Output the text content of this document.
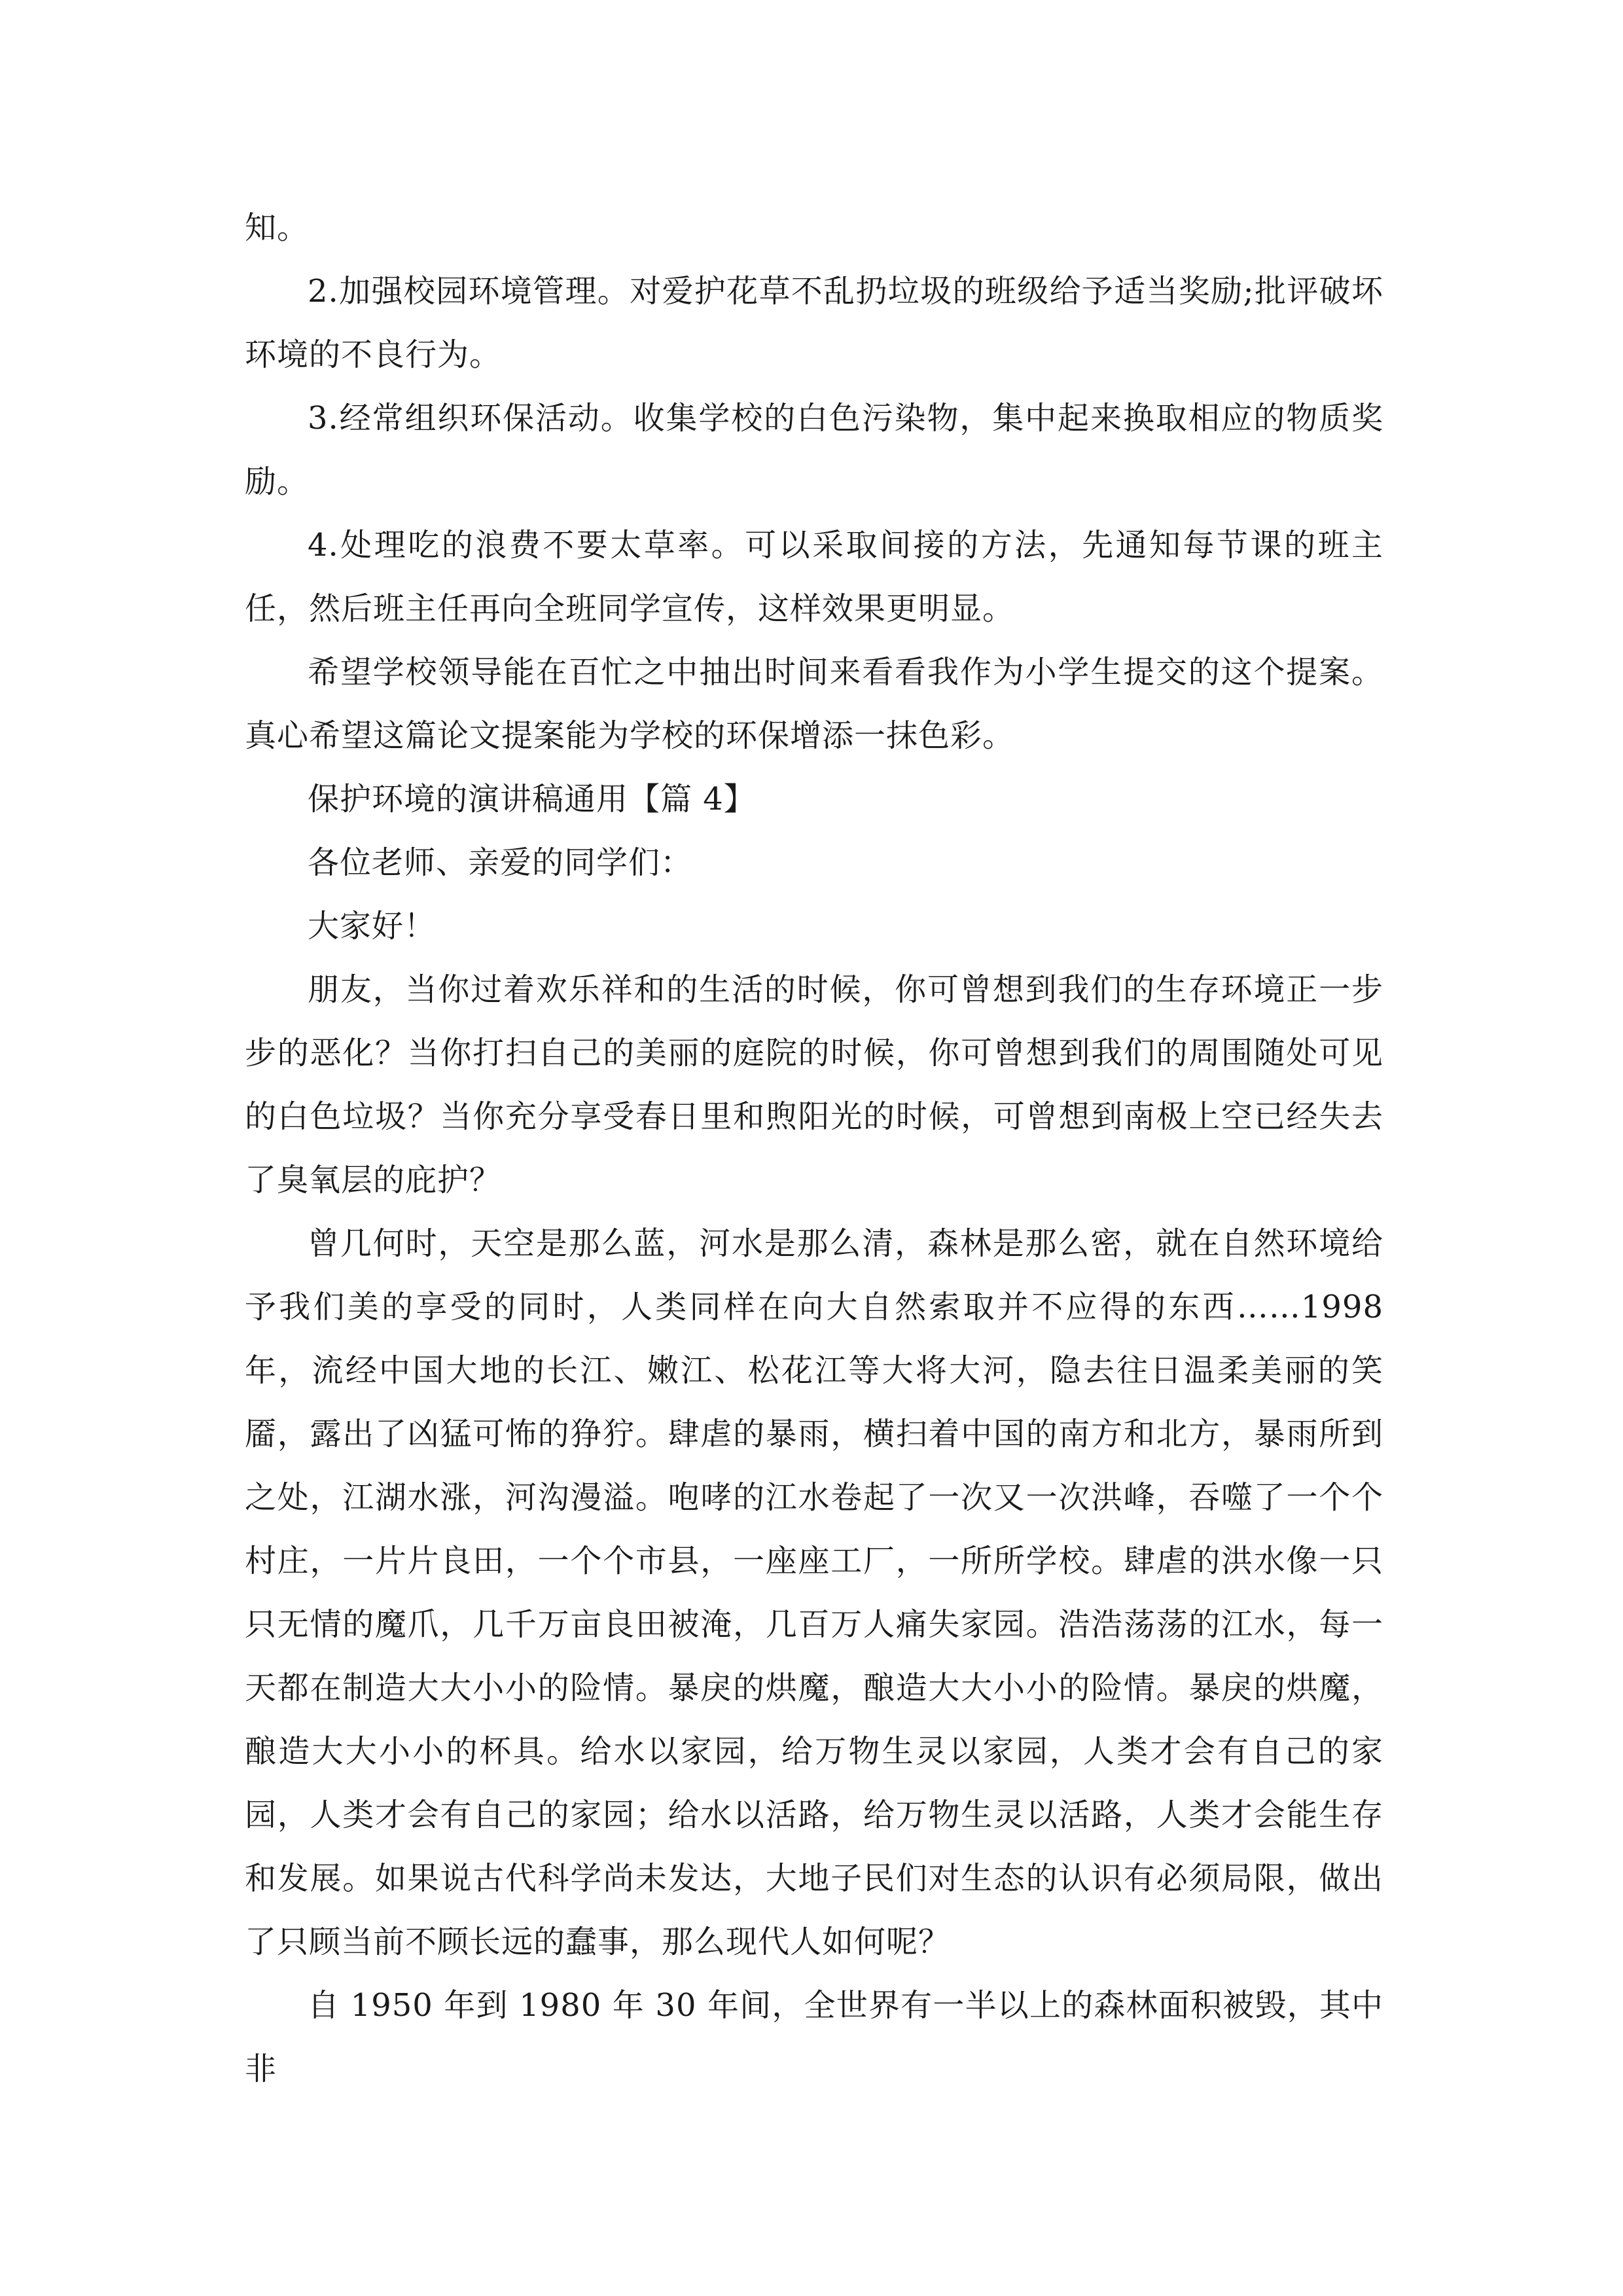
知。

2.加强校园环境管理。对爱护花草不乱扔垃圾的班级给予适当奖励;批评破坏环境的不良行为。

3.经常组织环保活动。收集学校的白色污染物，集中起来换取相应的物质奖励。

4.处理吃的浪费不要太草率。可以采取间接的方法，先通知每节课的班主任，然后班主任再向全班同学宣传，这样效果更明显。

希望学校领导能在百忙之中抽出时间来看看我作为小学生提交的这个提案。真心希望这篇论文提案能为学校的环保增添一抹色彩。

保护环境的演讲稿通用【篇 4】

各位老师、亲爱的同学们：

大家好！

朋友，当你过着欢乐祥和的生活的时候，你可曾想到我们的生存环境正一步步的恶化？当你打扫自己的美丽的庭院的时候，你可曾想到我们的周围随处可见的白色垃圾？当你充分享受春日里和煦阳光的时候，可曾想到南极上空已经失去了臭氧层的庇护？

曾几何时，天空是那么蓝，河水是那么清，森林是那么密，就在自然环境给予我们美的享受的同时，人类同样在向大自然索取并不应得的东西……1998 年，流经中国大地的长江、嫩江、松花江等大将大河，隐去往日温柔美丽的笑靥，露出了凶猛可怖的狰狞。肆虐的暴雨，横扫着中国的南方和北方，暴雨所到之处，江湖水涨，河沟漫溢。咆哮的江水卷起了一次又一次洪峰，吞噬了一个个村庄，一片片良田，一个个市县，一座座工厂，一所所学校。肆虐的洪水像一只只无情的魔爪，几千万亩良田被淹，几百万人痛失家园。浩浩荡荡的江水，每一天都在制造大大小小的险情。暴戾的烘魔，酿造大大小小的险情。暴戾的烘魔，酿造大大小小的杯具。给水以家园，给万物生灵以家园，人类才会有自己的家园，人类才会有自己的家园；给水以活路，给万物生灵以活路，人类才会能生存和发展。如果说古代科学尚未发达，大地子民们对生态的认识有必须局限，做出了只顾当前不顾长远的蠢事，那么现代人如何呢？

自 1950 年到 1980 年 30 年间，全世界有一半以上的森林面积被毁，其中非
